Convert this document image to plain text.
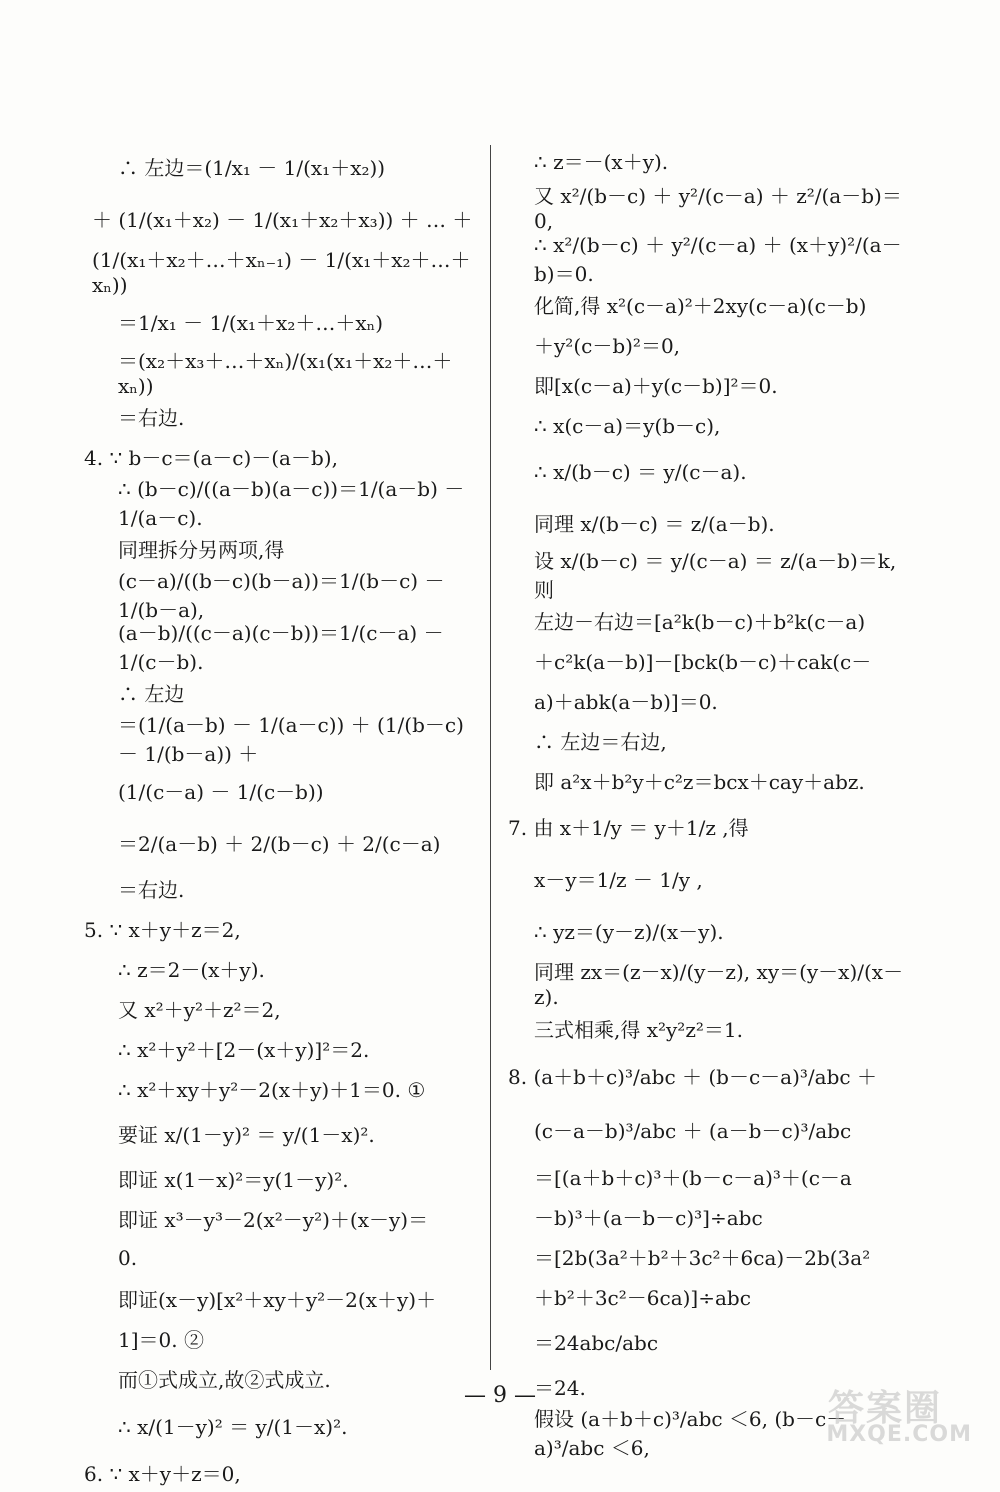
∴ 左边＝(1/x₁ － 1/(x₁＋x₂))
＋ (1/(x₁＋x₂) － 1/(x₁＋x₂＋x₃)) ＋ … ＋
(1/(x₁＋x₂＋…＋xₙ₋₁) － 1/(x₁＋x₂＋…＋xₙ))
＝1/x₁ － 1/(x₁＋x₂＋…＋xₙ)
＝(x₂＋x₃＋…＋xₙ)/(x₁(x₁＋x₂＋…＋xₙ))
＝右边.
4. ∵ b－c＝(a－c)－(a－b),
∴ (b－c)/((a－b)(a－c))＝1/(a－b) － 1/(a－c).
同理拆分另两项,得
(c－a)/((b－c)(b－a))＝1/(b－c) － 1/(b－a),
(a－b)/((c－a)(c－b))＝1/(c－a) － 1/(c－b).
∴ 左边
＝(1/(a－b) － 1/(a－c)) ＋ (1/(b－c) － 1/(b－a)) ＋
(1/(c－a) － 1/(c－b))
＝2/(a－b) ＋ 2/(b－c) ＋ 2/(c－a)
＝右边.
5. ∵ x＋y＋z＝2,
∴ z＝2－(x＋y).
又 x²＋y²＋z²＝2,
∴ x²＋y²＋[2－(x＋y)]²＝2.
∴ x²＋xy＋y²－2(x＋y)＋1＝0. ①
要证 x/(1－y)² ＝ y/(1－x)².
即证 x(1－x)²＝y(1－y)².
即证 x³－y³－2(x²－y²)＋(x－y)＝
0.
即证(x－y)[x²＋xy＋y²－2(x＋y)＋
1]＝0. ②
而①式成立,故②式成立.
∴ x/(1－y)² ＝ y/(1－x)².
6. ∵ x＋y＋z＝0,
∴ z＝－(x＋y).
又 x²/(b－c) ＋ y²/(c－a) ＋ z²/(a－b)＝0,
∴ x²/(b－c) ＋ y²/(c－a) ＋ (x＋y)²/(a－b)＝0.
化简,得 x²(c－a)²＋2xy(c－a)(c－b)
＋y²(c－b)²＝0,
即[x(c－a)＋y(c－b)]²＝0.
∴ x(c－a)＝y(b－c),
∴ x/(b－c) ＝ y/(c－a).
同理 x/(b－c) ＝ z/(a－b).
设 x/(b－c) ＝ y/(c－a) ＝ z/(a－b)＝k,则
左边－右边＝[a²k(b－c)＋b²k(c－a)
＋c²k(a－b)]－[bck(b－c)＋cak(c－
a)＋abk(a－b)]＝0.
∴ 左边＝右边,
即 a²x＋b²y＋c²z＝bcx＋cay＋abz.
7. 由 x＋1/y ＝ y＋1/z ,得
x－y＝1/z － 1/y ,
∴ yz＝(y－z)/(x－y).
同理 zx＝(z－x)/(y－z), xy＝(y－x)/(x－z).
三式相乘,得 x²y²z²＝1.
8. (a＋b＋c)³/abc ＋ (b－c－a)³/abc ＋
(c－a－b)³/abc ＋ (a－b－c)³/abc
＝[(a＋b＋c)³＋(b－c－a)³＋(c－a
－b)³＋(a－b－c)³]÷abc
＝[2b(3a²＋b²＋3c²＋6ca)－2b(3a²
＋b²＋3c²－6ca)]÷abc
＝24abc/abc
＝24.
假设 (a＋b＋c)³/abc ＜6, (b－c－a)³/abc ＜6,
— 9 —	答案圈
MXQE.COM
